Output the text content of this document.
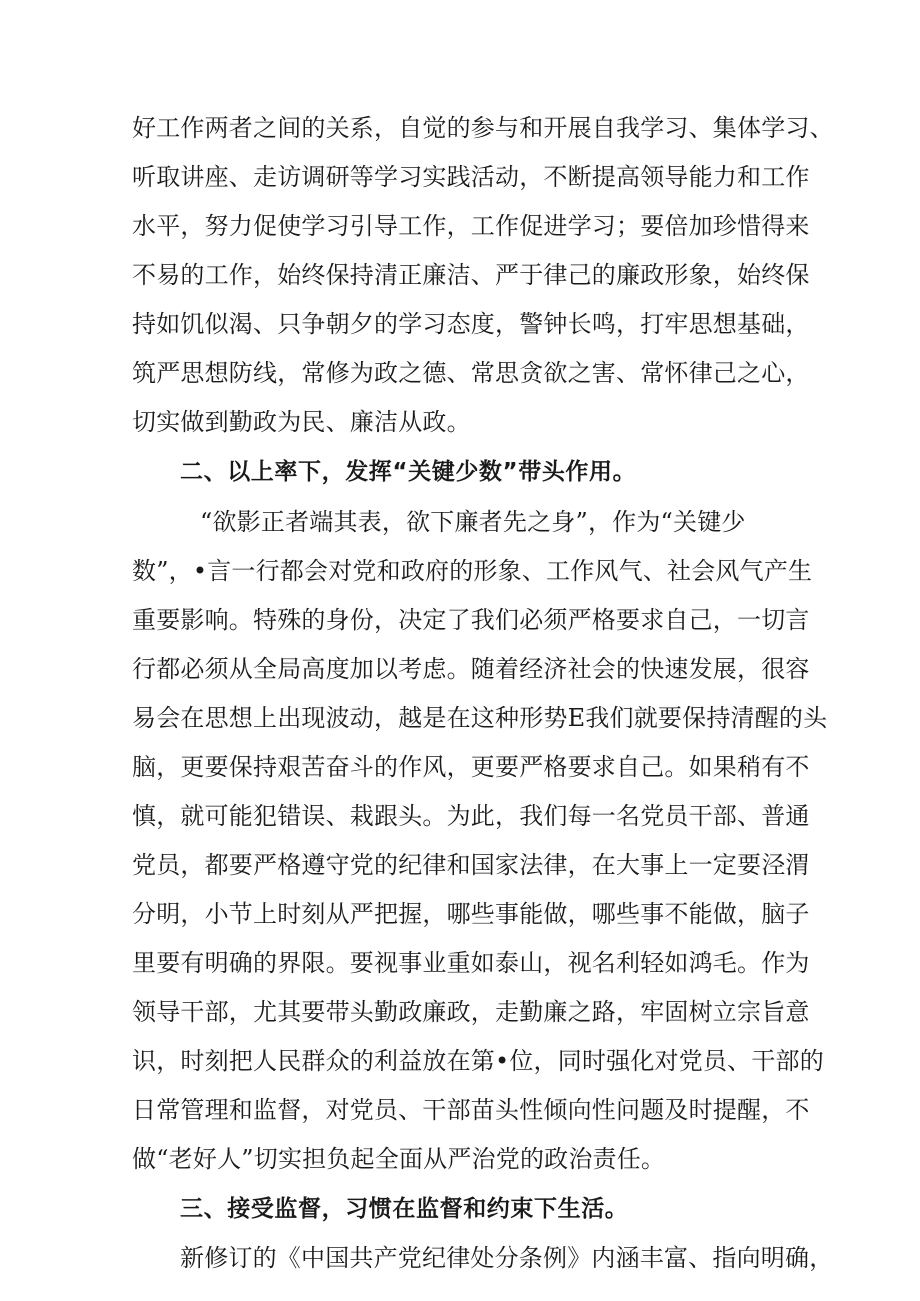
好工作两者之间的关系，自觉的参与和开展自我学习、集体学习、
听取讲座、走访调研等学习实践活动，不断提高领导能力和工作
水平，努力促使学习引导工作，工作促进学习；要倍加珍惜得来
不易的工作，始终保持清正廉洁、严于律己的廉政形象，始终保
持如饥似渴、只争朝夕的学习态度，警钟长鸣，打牢思想基础，
筑严思想防线，常修为政之德、常思贪欲之害、常怀律己之心，
切实做到勤政为民、廉洁从政。
二、以上率下，发挥“关键少数”带头作用。
“欲影正者端其表，欲下廉者先之身”，作为“关键少
数”，•言一行都会对党和政府的形象、工作风气、社会风气产生
重要影响。特殊的身份，决定了我们必须严格要求自己，一切言
行都必须从全局高度加以考虑。随着经济社会的快速发展，很容
易会在思想上出现波动，越是在这种形势E我们就要保持清醒的头
脑，更要保持艰苦奋斗的作风，更要严格要求自己。如果稍有不
慎，就可能犯错误、栽跟头。为此，我们每一名党员干部、普通
党员，都要严格遵守党的纪律和国家法律，在大事上一定要泾渭
分明，小节上时刻从严把握，哪些事能做，哪些事不能做，脑子
里要有明确的界限。要视事业重如泰山，视名利轻如鸿毛。作为
领导干部，尤其要带头勤政廉政，走勤廉之路，牢固树立宗旨意
识，时刻把人民群众的利益放在第•位，同时强化对党员、干部的
日常管理和监督，对党员、干部苗头性倾向性问题及时提醒，不
做“老好人”切实担负起全面从严治党的政治责任。
三、接受监督，习惯在监督和约束下生活。
新修订的《中国共产党纪律处分条例》内涵丰富、指向明确，
